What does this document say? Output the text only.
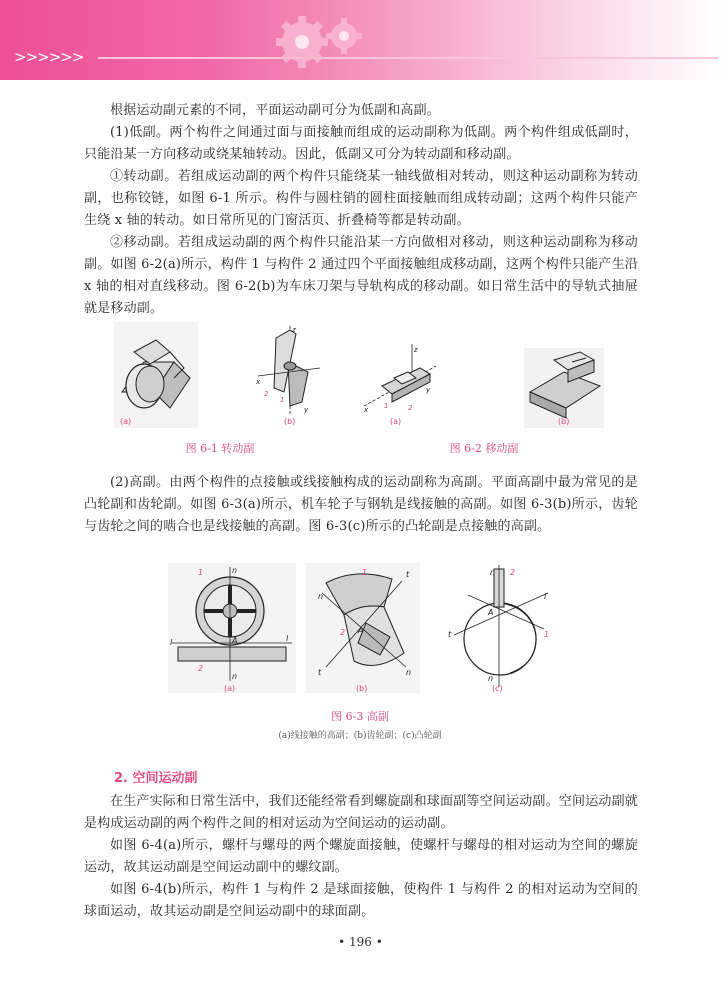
>>>>>>

根据运动副元素的不同，平面运动副可分为低副和高副。

(1)低副。两个构件之间通过面与面接触而组成的运动副称为低副。两个构件组成低副时，只能沿某一方向移动或绕某轴转动。因此，低副又可分为转动副和移动副。

①转动副。若组成运动副的两个构件只能绕某一轴线做相对转动，则这种运动副称为转动副，也称铰链，如图 6-1 所示。构件与圆柱销的圆柱面接触而组成转动副；这两个构件只能产生绕 x 轴的转动。如日常所见的门窗活页、折叠椅等都是转动副。

②移动副。若组成运动副的两个构件只能沿某一方向做相对移动，则这种运动副称为移动副。如图 6-2(a)所示，构件 1 与构件 2 通过四个平面接触组成移动副，这两个构件只能产生沿 x 轴的相对直线移动。图 6-2(b)为车床刀架与导轨构成的移动副。如日常生活中的导轨式抽屉就是移动副。

(a)
z
x
y
2
1
(b)
z
x
y
1	2
(a)	(b)
图 6-1 转动副	图 6-2 移动副

(2)高副。由两个构件的点接触或线接触构成的运动副称为高副。平面高副中最为常见的是凸轮副和齿轮副。如图 6-3(a)所示，机车轮子与钢轨是线接触的高副。如图 6-3(b)所示，齿轮与齿轮之间的啮合也是线接触的高副。图 6-3(c)所示的凸轮副是点接触的高副。

1	n
l	l
A
2
n
(a)
1	t
n
2 A
t	n
(b)
n 2
l
A
t	1
n
(c)
图 6-3 高副
(a)线接触的高副；(b)齿轮副；(c)凸轮副
2. 空间运动副

在生产实际和日常生活中，我们还能经常看到螺旋副和球面副等空间运动副。空间运动副就是构成运动副的两个构件之间的相对运动为空间运动的运动副。

如图 6-4(a)所示，螺杆与螺母的两个螺旋面接触，使螺杆与螺母的相对运动为空间的螺旋运动，故其运动副是空间运动副中的螺纹副。

如图 6-4(b)所示，构件 1 与构件 2 是球面接触，使构件 1 与构件 2 的相对运动为空间的球面运动，故其运动副是空间运动副中的球面副。

• 196 •
